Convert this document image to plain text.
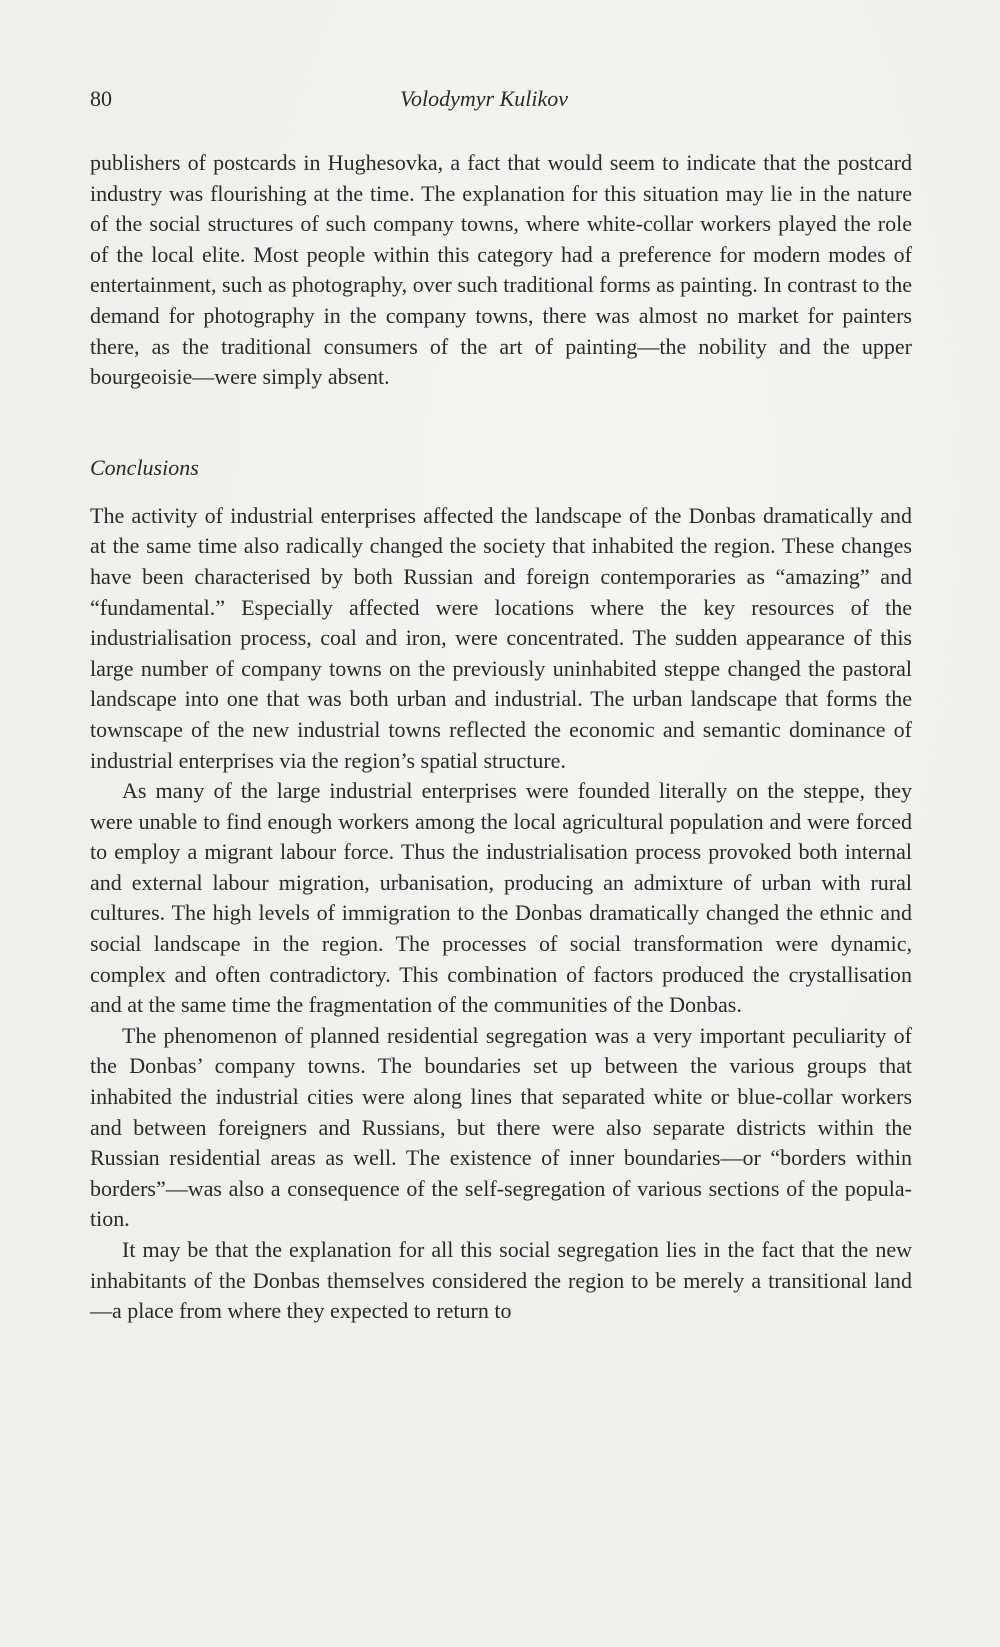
80	Volodymyr Kulikov

publishers of postcards in Hughesovka, a fact that would seem to indicate that the postcard industry was flourishing at the time. The explanation for this situation may lie in the nature of the social structures of such company towns, where white-collar workers played the role of the local elite. Most people within this category had a preference for modern modes of entertainment, such as photography, over such traditional forms as painting. In contrast to the demand for photography in the company towns, there was almost no market for painters there, as the traditional consumers of the art of painting—the nobility and the upper bourgeoisie—were simply absent.

Conclusions

The activity of industrial enterprises affected the landscape of the Donbas dramatically and at the same time also radically changed the society that inhabited the region. These changes have been characterised by both Russian and foreign contemporaries as “amazing” and “fundamental.” Especially affected were locations where the key resources of the industrialisation process, coal and iron, were concentrated. The sudden appearance of this large number of company towns on the previously uninhabited steppe changed the pastoral landscape into one that was both urban and industrial. The urban landscape that forms the townscape of the new industrial towns reflected the economic and semantic dominance of industrial enterprises via the region’s spatial structure.

As many of the large industrial enterprises were founded literally on the steppe, they were unable to find enough workers among the local agricultural population and were forced to employ a migrant labour force. Thus the industrialisation process provoked both internal and external labour migration, urbanisation, producing an admixture of urban with rural cultures. The high levels of immigration to the Donbas dramatically changed the ethnic and social landscape in the region. The processes of social transformation were dynamic, complex and often contradictory. This combination of factors produced the crystallisation and at the same time the fragmentation of the communities of the Donbas.

The phenomenon of planned residential segregation was a very important peculiarity of the Donbas’ company towns. The boundaries set up between the various groups that inhabited the industrial cities were along lines that separated white or blue-collar workers and between foreigners and Russians, but there were also separate districts within the Russian residential areas as well. The existence of inner boundaries—or “borders within borders”—was also a consequence of the self-segregation of various sections of the population.

It may be that the explanation for all this social segregation lies in the fact that the new inhabitants of the Donbas themselves considered the region to be merely a transitional land—a place from where they expected to return to
